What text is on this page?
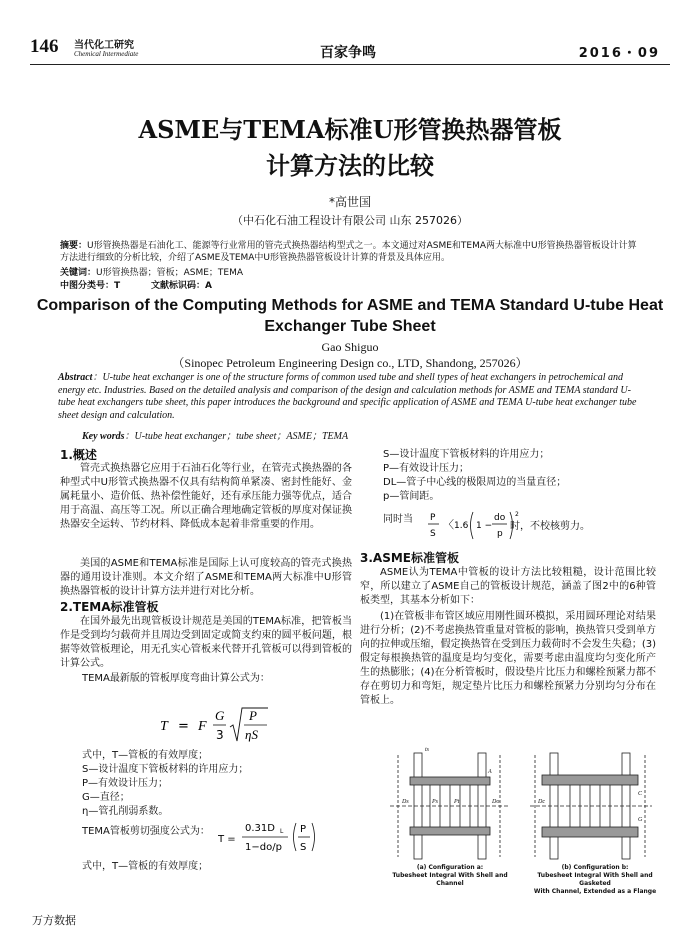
146 当代化工研究
Chemical Intermediate	百家争鸣	2016・09
ASME与TEMA标准U形管换热器管板
计算方法的比较
*高世国
（中石化石油工程设计有限公司 山东 257026）
摘要：U形管换热器是石油化工、能源等行业常用的管壳式换热器结构型式之一。本文通过对ASME和TEMA两大标准中U形管换热器管板设计计算方法进行细致的分析比较，介绍了ASME及TEMA中U形管换热器管板设计计算的背景及具体应用。
关键词：U形管换热器；管板；ASME；TEMA
中图分类号：T	文献标识码：A
Comparison of the Computing Methods for ASME and TEMA Standard U-tube Heat
Exchanger Tube Sheet
Gao Shiguo
（Sinopec Petroleum Engineering Design co., LTD, Shandong, 257026）
Abstract：U-tube heat exchanger is one of the structure forms of common used tube and shell types of heat exchangers in petrochemical and energy etc. Industries. Based on the detailed analysis and comparison of the design and calculation methods for ASME and TEMA standard U-tube heat exchangers tube sheet, this paper introduces the background and specific application of ASME and TEMA U-tube heat exchanger tube sheet design and calculation.
Key words：U-tube heat exchanger；tube sheet；ASME；TEMA
1.概述

管壳式换热器它应用于石油石化等行业，在管壳式换热器的各种型式中U形管式换热器不仅具有结构简单紧凑、密封性能好、金属耗量小、造价低、热补偿性能好，还有承压能力强等优点，适合用于高温、高压等工况。所以正确合理地确定管板的厚度对保证换热器安全运转、节约材料、降低成本起着非常重要的作用。

美国的ASME和TEMA标准是国际上认可度较高的管壳式换热器的通用设计准则。本文介绍了ASME和TEMA两大标准中U形管换热器管板的设计计算方法并进行对比分析。

2.TEMA标准管板

在国外最先出现管板设计规范是美国的TEMA标准，把管板当作是受到均匀载荷并且周边受到固定或简支约束的圆平板问题，根据等效管板理论，用无孔实心管板来代替开孔管板可以得到管板的计算公式。

TEMA最新版的管板厚度弯曲计算公式为：
T = F
G
3
P
ηS
式中，T—管板的有效厚度；
S—设计温度下管板材料的许用应力；
P—有效设计压力；
G—直径；
η—管孔削弱系数。
TEMA管板剪切强度公式为：
T =
0.31D L
1−do/p
P
S
式中，T—管板的有效厚度；
S—设计温度下管板材料的许用应力；
P—有效设计压力；
DL—管子中心线的极限周边的当量直径；
p—管间距。
同时当 P
S
〈 1.6 1 −
do
p
2
时，不校核剪力。
3.ASME标准管板

ASME认为TEMA中管板的设计方法比较粗糙，设计范围比较窄，所以建立了ASME自己的管板设计规范，涵盖了图2中的6种管板类型，其基本分析如下：

(1)在管板非布管区域应用刚性圆环模拟，采用圆环理论对结果进行分析；(2)不考虑换热管重量对管板的影响，换热管只受到单方向的拉伸或压缩，假定换热管在受到压力载荷时不会发生失稳；(3)假定每根换热管的温度是均匀变化，需要考虑由温度均匀变化所产生的热膨胀；(4)在分析管板时，假设垫片比压力和螺栓预紧力都不存在剪切力和弯矩，规定垫片比压力和螺栓预紧力分别均匀分布在管板上。

ts
Ds	Do
Ps	Pt
A
C
G
Dc
(a) Configuration a:
Tubesheet Integral With Shell and Channel
(b) Configuration b:
Tubesheet Integral With Shell and Gasketed
With Channel, Extended as a Flange
万方数据
